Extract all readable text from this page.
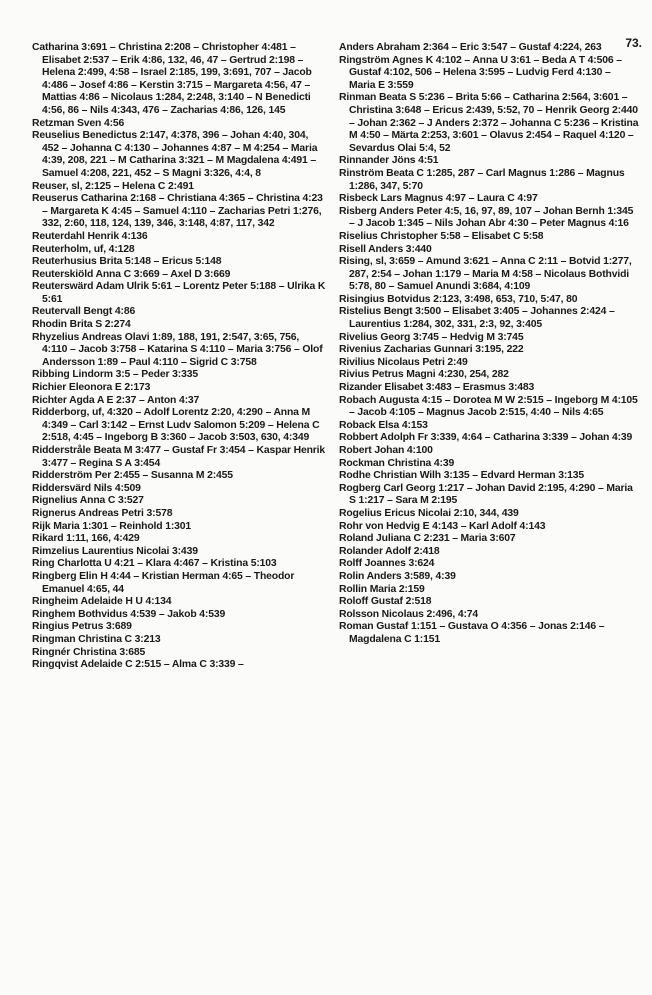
73.
Catharina 3:691 – Christina 2:208 – Christopher 4:481 – Elisabet 2:537 – Erik 4:86, 132, 46, 47 – Gertrud 2:198 – Helena 2:499, 4:58 – Israel 2:185, 199, 3:691, 707 – Jacob 4:486 – Josef 4:86 – Kerstin 3:715 – Margareta 4:56, 47 – Mattias 4:86 – Nicolaus 1:284, 2:248, 3:140 – N Benedicti 4:56, 86 – Nils 4:343, 476 – Zacharias 4:86, 126, 145
Retzman Sven 4:56
Reuselius Benedictus 2:147, 4:378, 396 – Johan 4:40, 304, 452 – Johanna C 4:130 – Johannes 4:87 – M 4:254 – Maria 4:39, 208, 221 – M Catharina 3:321 – M Magdalena 4:491 – Samuel 4:208, 221, 452 – S Magni 3:326, 4:4, 8
Reuser, sl, 2:125 – Helena C 2:491
Reuserus Catharina 2:168 – Christiana 4:365 – Christina 4:23 – Margareta K 4:45 – Samuel 4:110 – Zacharias Petri 1:276, 332, 2:60, 118, 124, 139, 346, 3:148, 4:87, 117, 342
Reuterdahl Henrik 4:136
Reuterholm, uf, 4:128
Reuterhusius Brita 5:148 – Ericus 5:148
Reuterskiöld Anna C 3:669 – Axel D 3:669
Reuterswärd Adam Ulrik 5:61 – Lorentz Peter 5:188 – Ulrika K 5:61
Reutervall Bengt 4:86
Rhodin Brita S 2:274
Rhyzelius Andreas Olavi 1:89, 188, 191, 2:547, 3:65, 756, 4:110 – Jacob 3:758 – Katarina S 4:110 – Maria 3:756 – Olof Andersson 1:89 – Paul 4:110 – Sigrid C 3:758
Ribbing Lindorm 3:5 – Peder 3:335
Richier Eleonora E 2:173
Richter Agda A E 2:37 – Anton 4:37
Ridderborg, uf, 4:320 – Adolf Lorentz 2:20, 4:290 – Anna M 4:349 – Carl 3:142 – Ernst Ludv Salomon 5:209 – Helena C 2:518, 4:45 – Ingeborg B 3:360 – Jacob 3:503, 630, 4:349
Ridderstråle Beata M 3:477 – Gustaf Fr 3:454 – Kaspar Henrik 3:477 – Regina S A 3:454
Ridderström Per 2:455 – Susanna M 2:455
Riddersvärd Nils 4:509
Rignelius Anna C 3:527
Rignerus Andreas Petri 3:578
Rijk Maria 1:301 – Reinhold 1:301
Rikard 1:11, 166, 4:429
Rimzelius Laurentius Nicolai 3:439
Ring Charlotta U 4:21 – Klara 4:467 – Kristina 5:103
Ringberg Elin H 4:44 – Kristian Herman 4:65 – Theodor Emanuel 4:65, 44
Ringheim Adelaide H U 4:134
Ringhem Bothvidus 4:539 – Jakob 4:539
Ringius Petrus 3:689
Ringman Christina C 3:213
Ringnér Christina 3:685
Ringqvist Adelaide C 2:515 – Alma C 3:339 –
Anders Abraham 2:364 – Eric 3:547 – Gustaf 4:224, 263
Ringström Agnes K 4:102 – Anna U 3:61 – Beda A T 4:506 – Gustaf 4:102, 506 – Helena 3:595 – Ludvig Ferd 4:130 – Maria E 3:559
Rinman Beata S 5:236 – Brita 5:66 – Catharina 2:564, 3:601 – Christina 3:648 – Ericus 2:439, 5:52, 70 – Henrik Georg 2:440 – Johan 2:362 – J Anders 2:372 – Johanna C 5:236 – Kristina M 4:50 – Märta 2:253, 3:601 – Olavus 2:454 – Raquel 4:120 – Sevardus Olai 5:4, 52
Rinnander Jöns 4:51
Rinström Beata C 1:285, 287 – Carl Magnus 1:286 – Magnus 1:286, 347, 5:70
Risbeck Lars Magnus 4:97 – Laura C 4:97
Risberg Anders Peter 4:5, 16, 97, 89, 107 – Johan Bernh 1:345 – J Jacob 1:345 – Nils Johan Abr 4:30 – Peter Magnus 4:16
Riselius Christopher 5:58 – Elisabet C 5:58
Risell Anders 3:440
Rising, sl, 3:659 – Amund 3:621 – Anna C 2:11 – Botvid 1:277, 287, 2:54 – Johan 1:179 – Maria M 4:58 – Nicolaus Bothvidi 5:78, 80 – Samuel Anundi 3:684, 4:109
Risingius Botvidus 2:123, 3:498, 653, 710, 5:47, 80
Ristelius Bengt 3:500 – Elisabet 3:405 – Johannes 2:424 – Laurentius 1:284, 302, 331, 2:3, 92, 3:405
Rivelius Georg 3:745 – Hedvig M 3:745
Rivenius Zacharias Gunnari 3:195, 222
Rivilius Nicolaus Petri 2:49
Rivius Petrus Magni 4:230, 254, 282
Rizander Elisabet 3:483 – Erasmus 3:483
Robach Augusta 4:15 – Dorotea M W 2:515 – Ingeborg M 4:105 – Jacob 4:105 – Magnus Jacob 2:515, 4:40 – Nils 4:65
Roback Elsa 4:153
Robbert Adolph Fr 3:339, 4:64 – Catharina 3:339 – Johan 4:39
Robert Johan 4:100
Rockman Christina 4:39
Rodhe Christian Wilh 3:135 – Edvard Herman 3:135
Rogberg Carl Georg 1:217 – Johan David 2:195, 4:290 – Maria S 1:217 – Sara M 2:195
Rogelius Ericus Nicolai 2:10, 344, 439
Rohr von Hedvig E 4:143 – Karl Adolf 4:143
Roland Juliana C 2:231 – Maria 3:607
Rolander Adolf 2:418
Rolff Joannes 3:624
Rolin Anders 3:589, 4:39
Rollin Maria 2:159
Roloff Gustaf 2:518
Rolsson Nicolaus 2:496, 4:74
Roman Gustaf 1:151 – Gustava O 4:356 – Jonas 2:146 – Magdalena C 1:151
